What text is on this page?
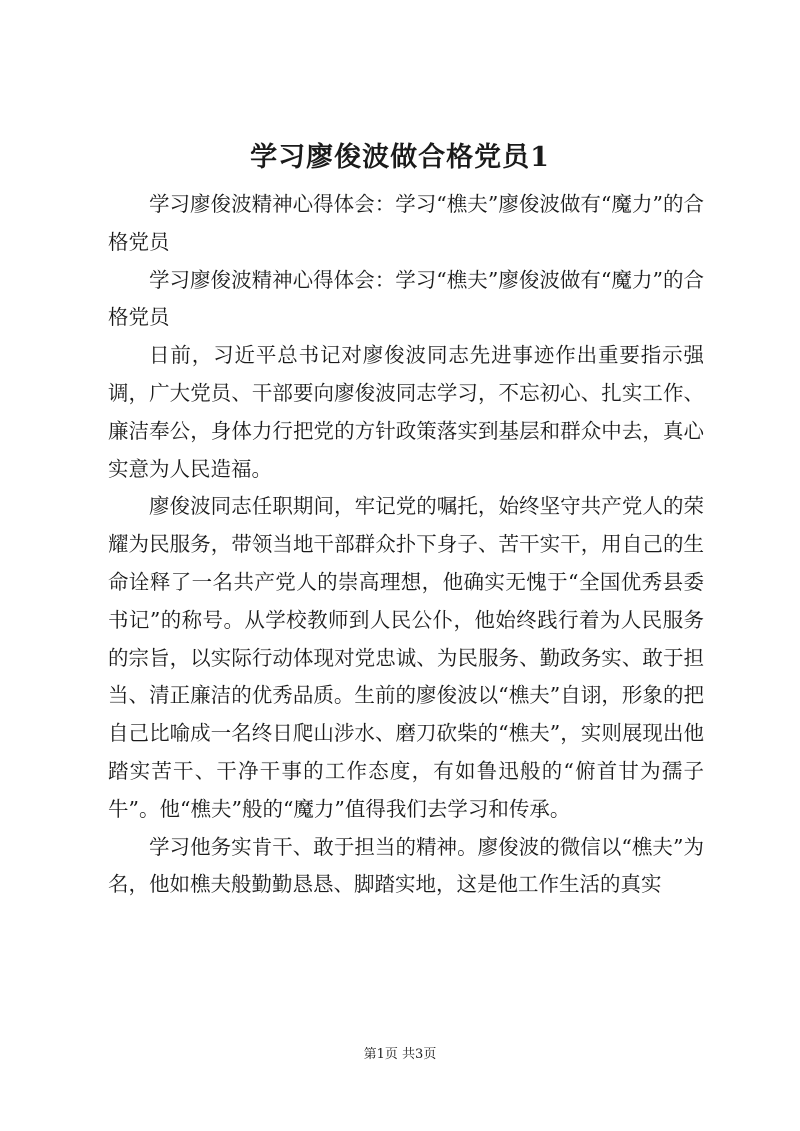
学习廖俊波做合格党员1

学习廖俊波精神心得体会：学习“樵夫”廖俊波做有“魔力”的合格党员

学习廖俊波精神心得体会：学习“樵夫”廖俊波做有“魔力”的合格党员

日前，习近平总书记对廖俊波同志先进事迹作出重要指示强调，广大党员、干部要向廖俊波同志学习，不忘初心、扎实工作、廉洁奉公，身体力行把党的方针政策落实到基层和群众中去，真心实意为人民造福。

廖俊波同志任职期间，牢记党的嘱托，始终坚守共产党人的荣耀为民服务，带领当地干部群众扑下身子、苦干实干，用自己的生命诠释了一名共产党人的崇高理想，他确实无愧于“全国优秀县委书记”的称号。从学校教师到人民公仆，他始终践行着为人民服务的宗旨，以实际行动体现对党忠诚、为民服务、勤政务实、敢于担当、清正廉洁的优秀品质。生前的廖俊波以“樵夫”自诩，形象的把自己比喻成一名终日爬山涉水、磨刀砍柴的“樵夫”，实则展现出他踏实苦干、干净干事的工作态度，有如鲁迅般的“俯首甘为孺子牛”。他“樵夫”般的“魔力”值得我们去学习和传承。

学习他务实肯干、敢于担当的精神。廖俊波的微信以“樵夫”为名，他如樵夫般勤勤恳恳、脚踏实地，这是他工作生活的真实

第1页 共3页
